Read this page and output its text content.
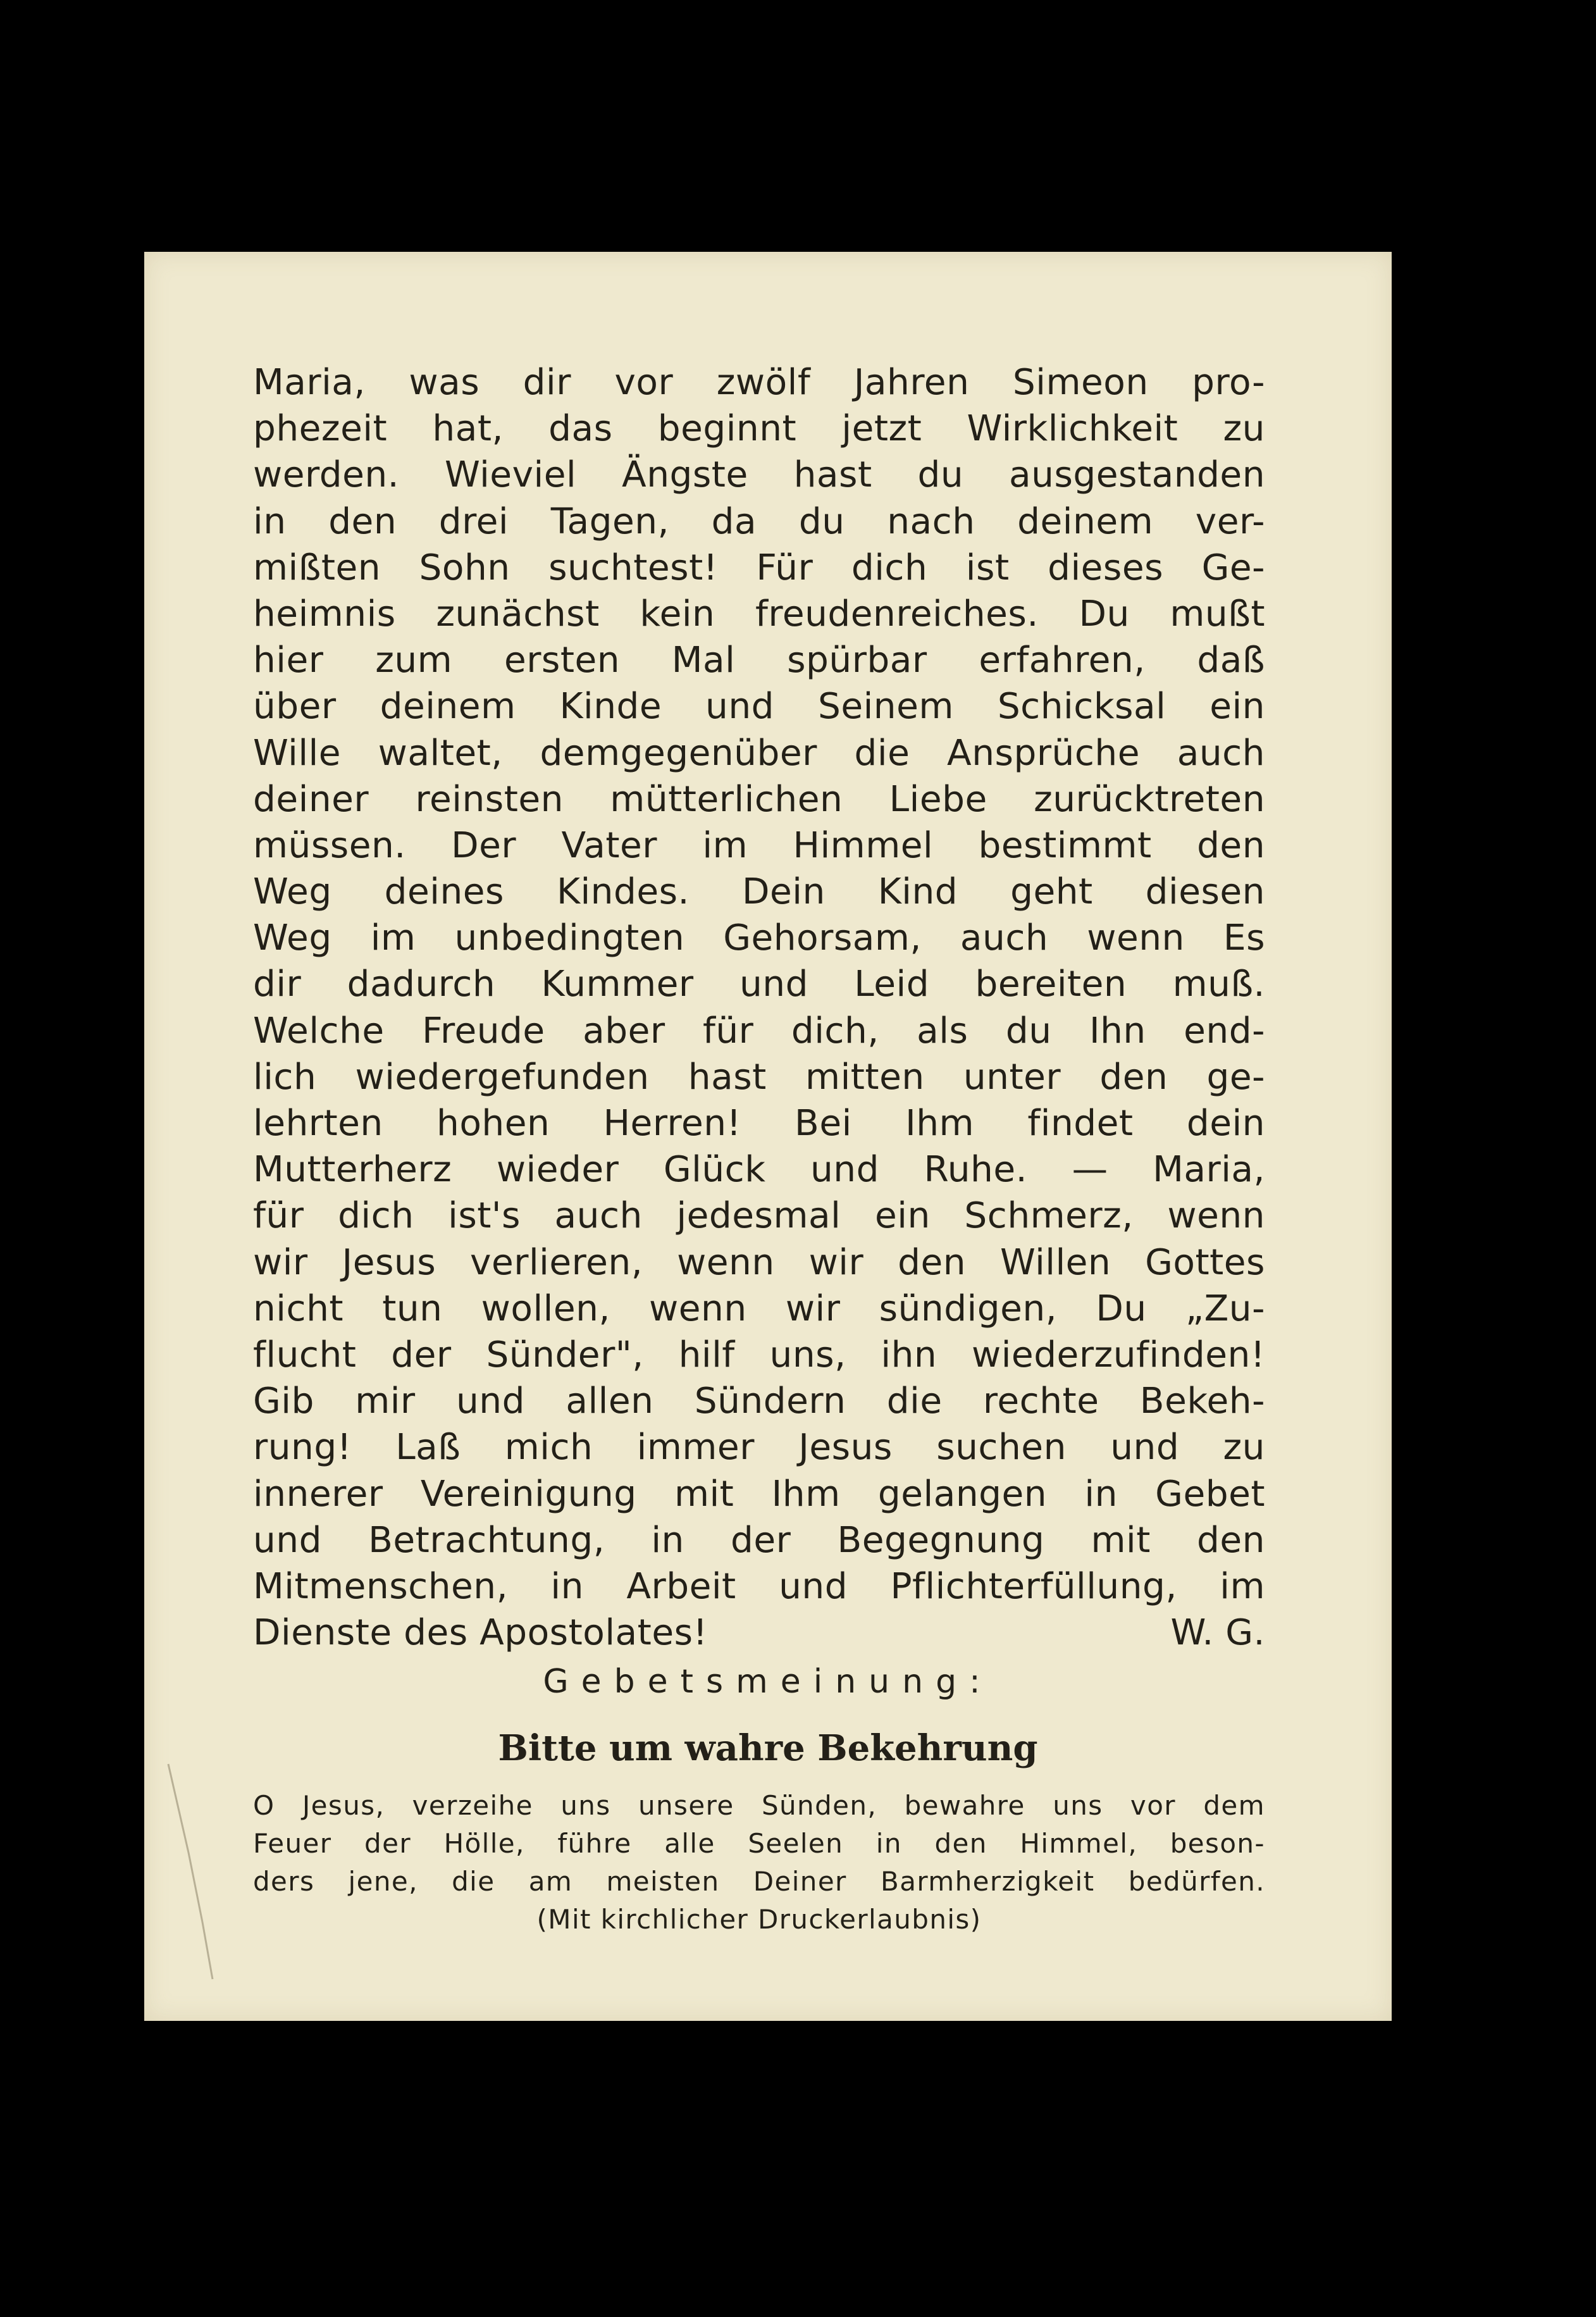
Maria, was dir vor zwölf Jahren Simeon pro-
phezeit hat, das beginnt jetzt Wirklichkeit zu
werden. Wieviel Ängste hast du ausgestanden
in den drei Tagen, da du nach deinem ver-
mißten Sohn suchtest! Für dich ist dieses Ge-
heimnis zunächst kein freudenreiches. Du mußt
hier zum ersten Mal spürbar erfahren, daß
über deinem Kinde und Seinem Schicksal ein
Wille waltet, demgegenüber die Ansprüche auch
deiner reinsten mütterlichen Liebe zurücktreten
müssen. Der Vater im Himmel bestimmt den
Weg deines Kindes. Dein Kind geht diesen
Weg im unbedingten Gehorsam, auch wenn Es
dir dadurch Kummer und Leid bereiten muß.
Welche Freude aber für dich, als du Ihn end-
lich wiedergefunden hast mitten unter den ge-
lehrten hohen Herren! Bei Ihm findet dein
Mutterherz wieder Glück und Ruhe. — Maria,
für dich ist's auch jedesmal ein Schmerz, wenn
wir Jesus verlieren, wenn wir den Willen Gottes
nicht tun wollen, wenn wir sündigen, Du „Zu-
flucht der Sünder", hilf uns, ihn wiederzufinden!
Gib mir und allen Sündern die rechte Bekeh-
rung! Laß mich immer Jesus suchen und zu
innerer Vereinigung mit Ihm gelangen in Gebet
und Betrachtung, in der Begegnung mit den
Mitmenschen, in Arbeit und Pflichterfüllung, im
Dienste des Apostolates!	W. G.
Gebetsmeinung:
Bitte um wahre Bekehrung
O Jesus, verzeihe uns unsere Sünden, bewahre uns vor dem
Feuer der Hölle, führe alle Seelen in den Himmel, beson-
ders jene, die am meisten Deiner Barmherzigkeit bedürfen.
(Mit kirchlicher Druckerlaubnis)
